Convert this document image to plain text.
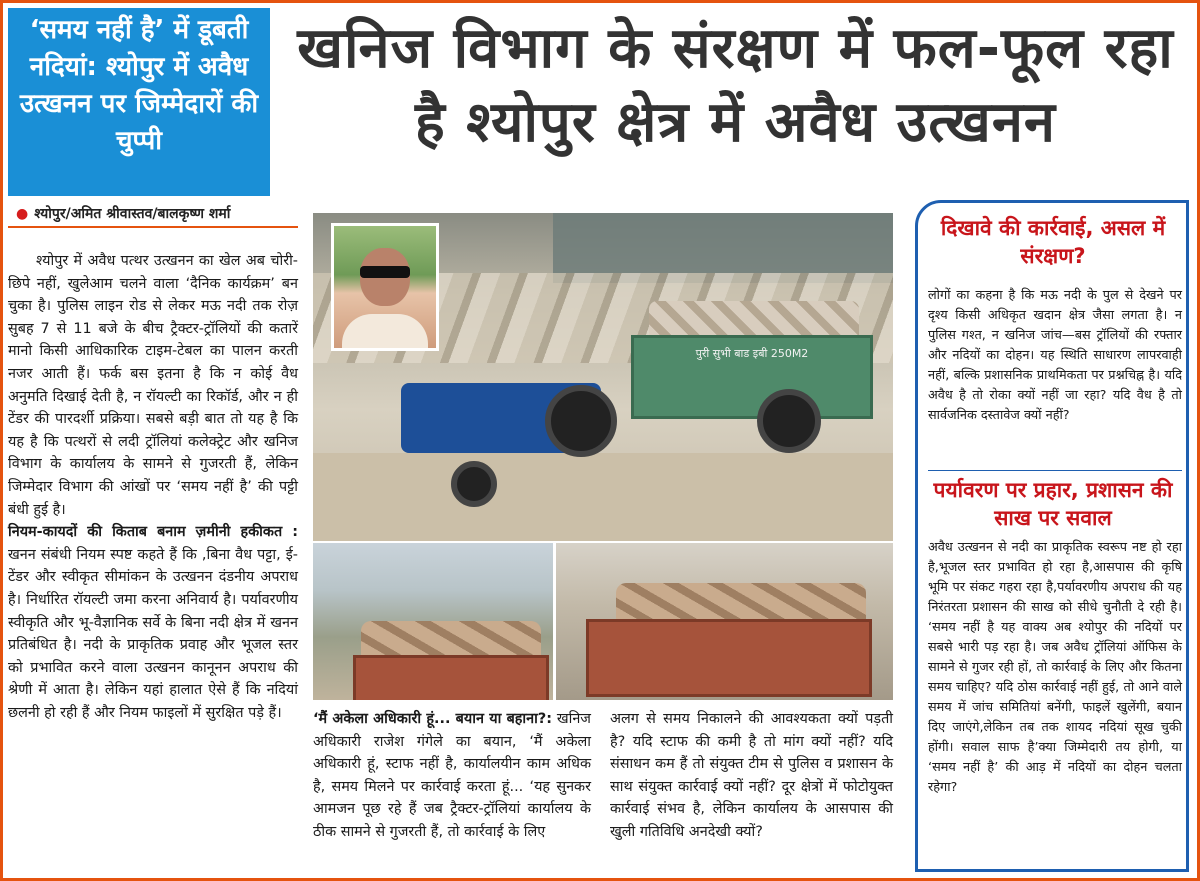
‘समय नहीं है’ में डूबती नदियां: श्योपुर में अवैध उत्खनन पर जिम्मेदारों की चुप्पी
खनिज विभाग के संरक्षण में फल-फूल रहा है श्योपुर क्षेत्र में अवैध उत्खनन
● श्योपुर/अमित श्रीवास्तव/बालकृष्ण शर्मा

श्योपुर में अवैध पत्थर उत्खनन का खेल अब चोरी-छिपे नहीं, खुलेआम चलने वाला ‘दैनिक कार्यक्रम’ बन चुका है। पुलिस लाइन रोड से लेकर मऊ नदी तक रोज़ सुबह 7 से 11 बजे के बीच ट्रैक्टर-ट्रॉलियों की कतारें मानो किसी आधिकारिक टाइम-टेबल का पालन करती नजर आती हैं। फर्क बस इतना है कि न कोई वैध अनुमति दिखाई देती है, न रॉयल्टी का रिकॉर्ड, और न ही टेंडर की पारदर्शी प्रक्रिया। सबसे बड़ी बात तो यह है कि यह है कि पत्थरों से लदी ट्रॉलियां कलेक्ट्रेट और खनिज विभाग के कार्यालय के सामने से गुजरती हैं, लेकिन जिम्मेदार विभाग की आंखों पर ‘समय नहीं है’ की पट्टी बंधी हुई है।

नियम-कायदों की किताब बनाम ज़मीनी हकीकत : खनन संबंधी नियम स्पष्ट कहते हैं कि ,बिना वैध पट्टा, ई-टेंडर और स्वीकृत सीमांकन के उत्खनन दंडनीय अपराध है। निर्धारित रॉयल्टी जमा करना अनिवार्य है। पर्यावरणीय स्वीकृति और भू-वैज्ञानिक सर्वे के बिना नदी क्षेत्र में खनन प्रतिबंधित है। नदी के प्राकृतिक प्रवाह और भूजल स्तर को प्रभावित करने वाला उत्खनन कानूनन अपराध की श्रेणी में आता है। लेकिन यहां हालात ऐसे हैं कि नदियां छलनी हो रही हैं और नियम फाइलों में सुरक्षित पड़े हैं।

पुरी सुभी बाड इबी 250M2

‘मैं अकेला अधिकारी हूं... बयान या बहाना?: खनिज अधिकारी राजेश गंगेले का बयान, ‘मैं अकेला अधिकारी हूं, स्टाफ नहीं है, कार्यालयीन काम अधिक है, समय मिलने पर कार्रवाई करता हूं... ‘यह सुनकर आमजन पूछ रहे हैं जब ट्रैक्टर-ट्रॉलियां कार्यालय के ठीक सामने से गुजरती हैं, तो कार्रवाई के लिए

अलग से समय निकालने की आवश्यकता क्यों पड़ती है? यदि स्टाफ की कमी है तो मांग क्यों नहीं? यदि संसाधन कम हैं तो संयुक्त टीम से पुलिस व प्रशासन के साथ संयुक्त कार्रवाई क्यों नहीं? दूर क्षेत्रों में फोटोयुक्त कार्रवाई संभव है, लेकिन कार्यालय के आसपास की खुली गतिविधि अनदेखी क्यों?

दिखावे की कार्रवाई, असल में संरक्षण?
लोगों का कहना है कि मऊ नदी के पुल से देखने पर दृश्य किसी अधिकृत खदान क्षेत्र जैसा लगता है। न पुलिस गश्त, न खनिज जांच—बस ट्रॉलियों की रफ्तार और नदियों का दोहन। यह स्थिति साधारण लापरवाही नहीं, बल्कि प्रशासनिक प्राथमिकता पर प्रश्नचिह्न है। यदि अवैध है तो रोका क्यों नहीं जा रहा? यदि वैध है तो सार्वजनिक दस्तावेज क्यों नहीं?
पर्यावरण पर प्रहार, प्रशासन की साख पर सवाल
अवैध उत्खनन से नदी का प्राकृतिक स्वरूप नष्ट हो रहा है,भूजल स्तर प्रभावित हो रहा है,आसपास की कृषि भूमि पर संकट गहरा रहा है,पर्यावरणीय अपराध की यह निरंतरता प्रशासन की साख को सीधे चुनौती दे रही है। ‘समय नहीं है यह वाक्य अब श्योपुर की नदियों पर सबसे भारी पड़ रहा है। जब अवैध ट्रॉलियां ऑफिस के सामने से गुजर रही हों, तो कार्रवाई के लिए और कितना समय चाहिए? यदि ठोस कार्रवाई नहीं हुई, तो आने वाले समय में जांच समितियां बनेंगी, फाइलें खुलेंगी, बयान दिए जाएंगे,लेकिन तब तक शायद नदियां सूख चुकी होंगी। सवाल साफ है’क्या जिम्मेदारी तय होगी, या ‘समय नहीं है’ की आड़ में नदियों का दोहन चलता रहेगा?
